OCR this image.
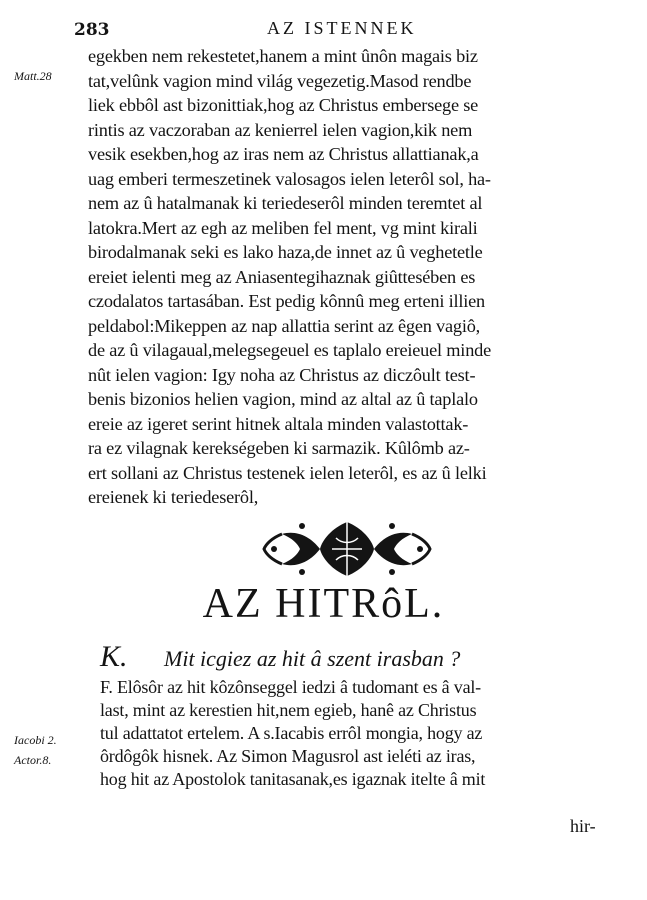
283	AZ ISTENNEK
Matt.28
Iacobi 2.
Actor.8.
egekben nem rekestetet,hanem a mint ûnôn magais biz
tat,velûnk vagion mind világ vegezetig.Masod rendbe
liek ebbôl ast bizonittiak,hog az Christus embersege se
rintis az vaczoraban az kenierrel ielen vagion,kik nem
vesik esekben,hog az iras nem az Christus allattianak,a
uag emberi termeszetinek valosagos ielen leterôl sol, ha-
nem az û hatalmanak ki teriedeserôl minden teremtet al
latokra.Mert az egh az meliben fel ment, vg mint kirali
birodalmanak seki es lako haza,de innet az û veghetetle
ereiet ielenti meg az Aniasentegihaznak giûttesében es
czodalatos tartasában. Est pedig kônnû meg erteni illien
peldabol:Mikeppen az nap allattia serint az êgen vagiô,
de az û vilagaual,melegsegeuel es taplalo ereieuel minde
nût ielen vagion: Igy noha az Christus az diczôult test-
benis bizonios helien vagion, mind az altal az û taplalo
ereie az igeret serint hitnek altala minden valastottak-
ra ez vilagnak kerekségeben ki sarmazik. Kûlômb az-
ert sollani az Christus testenek ielen leterôl, es az û lelki
ereienek ki teriedeserôl,
AZ HITRôL.
K. Mit icgiez az hit â szent irasban ?
F. Elôsôr az hit kôzônseggel iedzi â tudomant es â val-
last, mint az kerestien hit,nem egieb, hanê az Christus
tul adattatot ertelem. A s.Iacabis errôl mongia, hogy az
ôrdôgôk hisnek. Az Simon Magusrol ast ieléti az iras,
hog hit az Apostolok tanitasanak,es igaznak itelte â mit
hir-
